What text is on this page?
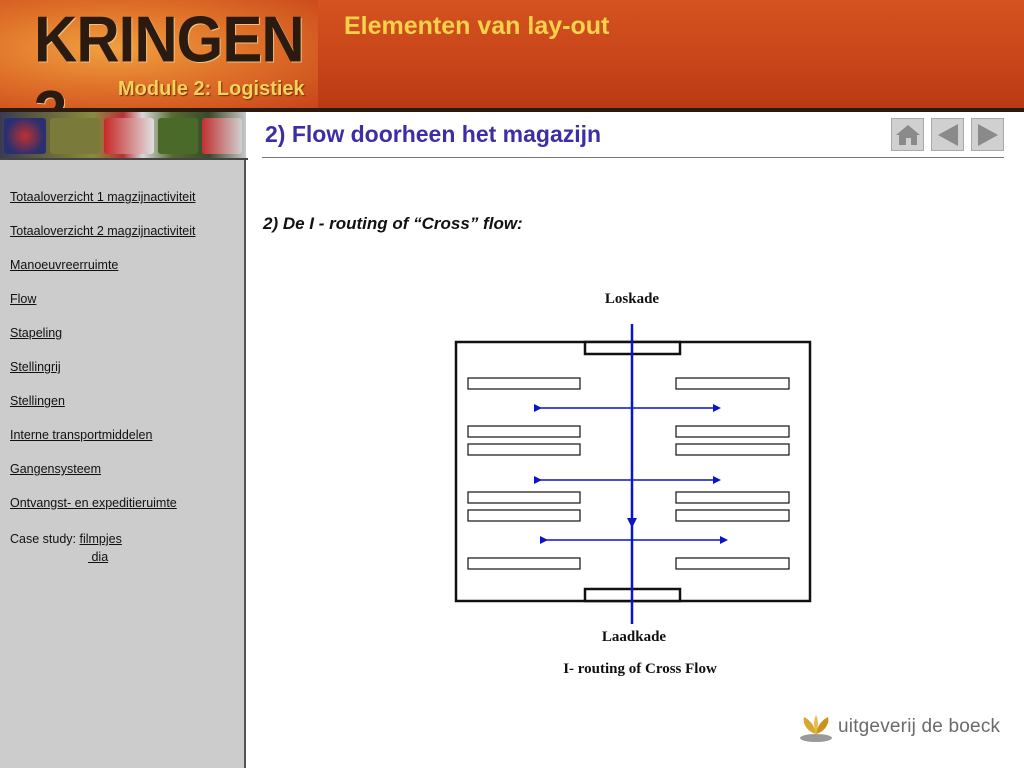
KRINGEN
Module 2: Logistiek
Elementen van lay-out
Totaaloverzicht 1 magzijnactiviteit
Totaaloverzicht 2 magzijnactiviteit
Manoeuvreerruimte
Flow
Stapeling
Stellingrij
Stellingen
Interne transportmiddelen
Gangensysteem
Ontvangst- en expeditieruimte
Case study: filmpjes
dia
2) Flow doorheen het magazijn
2) De I - routing of “Cross” flow:
Loskade
Laadkade
I- routing of Cross Flow
uitgeverij de boeck
